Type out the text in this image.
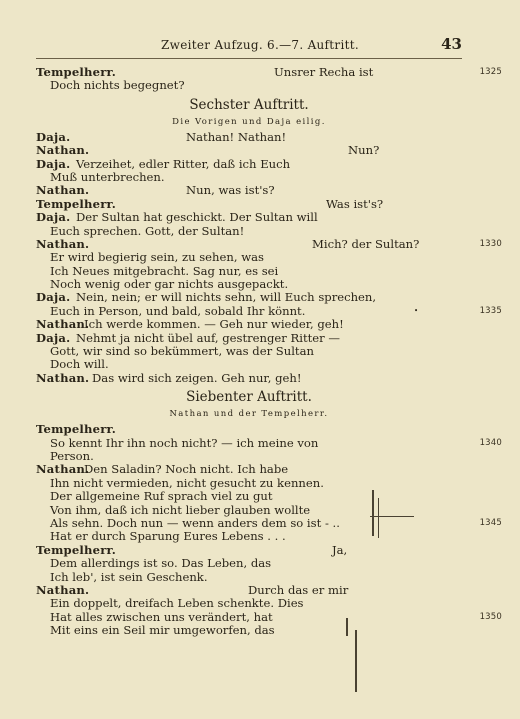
Zweiter Aufzug. 6.—7. Auftritt.	43
Tempelherr.	Unsrer Recha ist	1325
Doch nichts begegnet?
Sechster Auftritt.
Die Vorigen und Daja eilig.
Daja.	Nathan! Nathan!
Nathan.	Nun?
Daja. Verzeihet, edler Ritter, daß ich Euch
Muß unterbrechen.
Nathan.	Nun, was ist's?
Tempelherr.	Was ist's?
Daja. Der Sultan hat geschickt. Der Sultan will
Euch sprechen. Gott, der Sultan!
Nathan.	Mich? der Sultan?	1330
Er wird begierig sein, zu sehen, was
Ich Neues mitgebracht. Sag nur, es sei
Noch wenig oder gar nichts ausgepackt.
Daja. Nein, nein; er will nichts sehn, will Euch sprechen,
Euch in Person, und bald, sobald Ihr könnt.	•	1335
Nathan.
Ich werde kommen. — Geh nur wieder, geh!
Daja. Nehmt ja nicht übel auf, gestrenger Ritter —
Gott, wir sind so bekümmert, was der Sultan
Doch will.
Nathan. Das wird sich zeigen. Geh nur, geh!
Siebenter Auftritt.
Nathan und der Tempelherr.
Tempelherr.
So kennt Ihr ihn noch nicht? — ich meine von	1340
Person.
Nathan.
Den Saladin? Noch nicht. Ich habe
Ihn nicht vermieden, nicht gesucht zu kennen.
Der allgemeine Ruf sprach viel zu gut
Von ihm, daß ich nicht lieber glauben wollte
Als sehn. Doch nun — wenn anders dem so ist - ..	1345
Hat er durch Sparung Eures Lebens . . .
Tempelherr.	Ja,
Dem allerdings ist so. Das Leben, das
Ich leb', ist sein Geschenk.
Nathan.	Durch das er mir
Ein doppelt, dreifach Leben schenkte. Dies
Hat alles zwischen uns verändert, hat	1350
Mit eins ein Seil mir umgeworfen, das
